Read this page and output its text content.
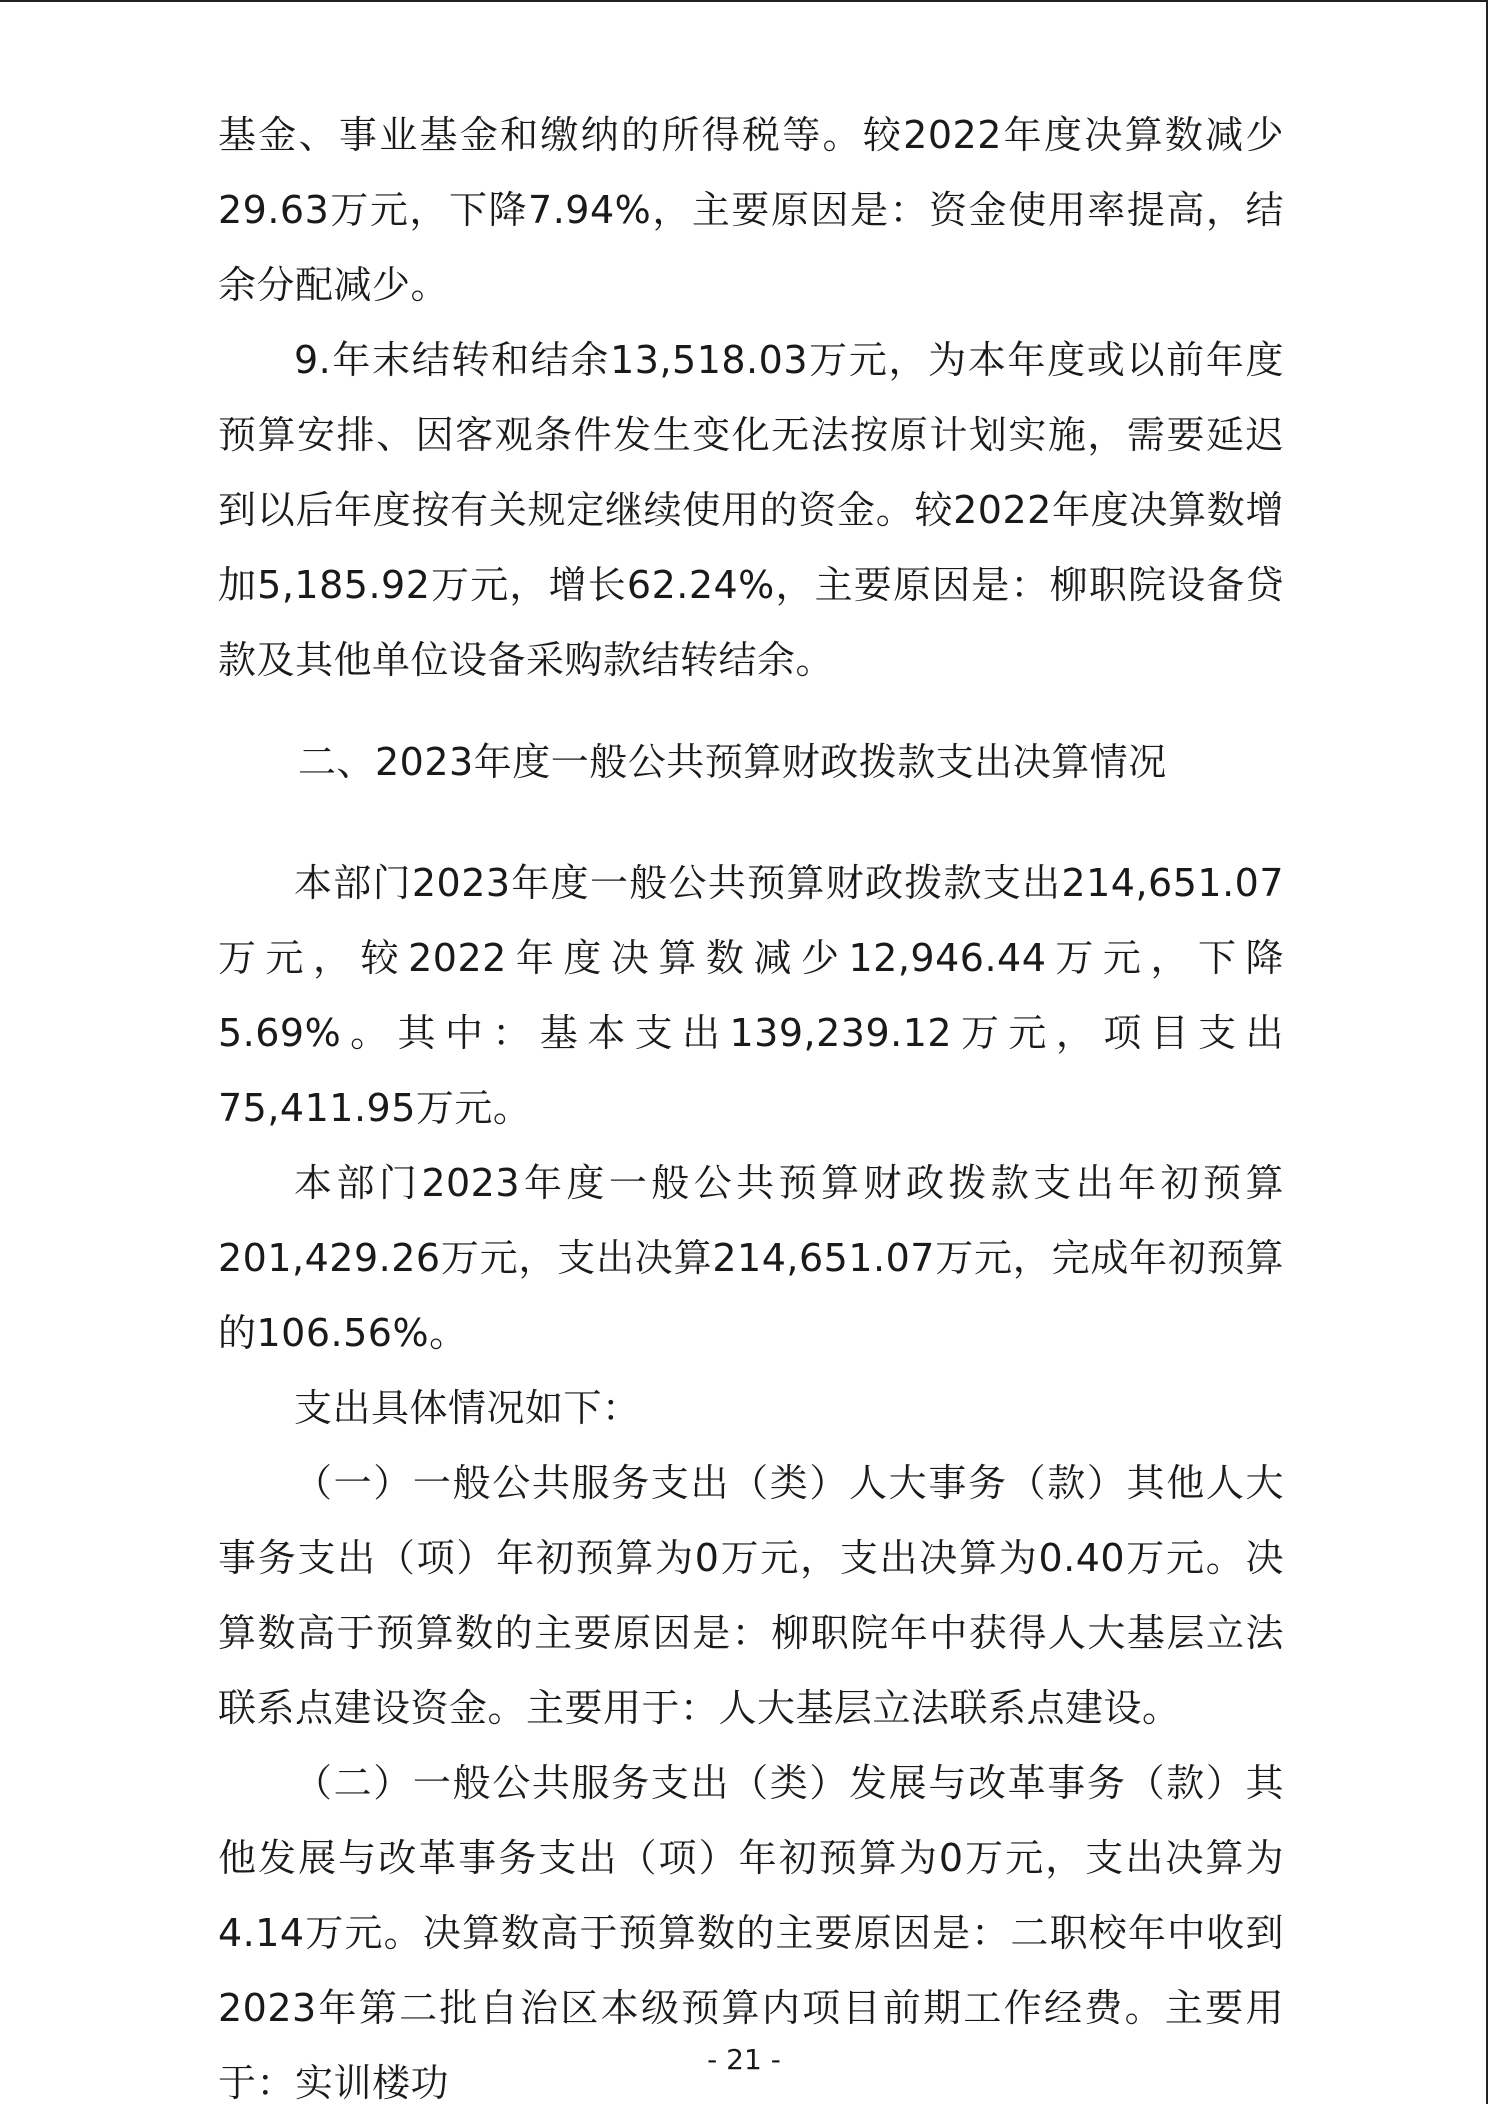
基金、事业基金和缴纳的所得税等。较2022年度决算数减少29.63万元，下降7.94%，主要原因是：资金使用率提高，结余分配减少。

9.年末结转和结余13,518.03万元，为本年度或以前年度预算安排、因客观条件发生变化无法按原计划实施，需要延迟到以后年度按有关规定继续使用的资金。较2022年度决算数增加5,185.92万元，增长62.24%，主要原因是：柳职院设备贷款及其他单位设备采购款结转结余。

二、2023年度一般公共预算财政拨款支出决算情况

本部门2023年度一般公共预算财政拨款支出214,651.07万元，较2022年度决算数减少12,946.44万元，下降5.69%。其中：基本支出139,239.12万元，项目支出75,411.95万元。

本部门2023年度一般公共预算财政拨款支出年初预算201,429.26万元，支出决算214,651.07万元，完成年初预算的106.56%。

支出具体情况如下：

（一）一般公共服务支出（类）人大事务（款）其他人大事务支出（项）年初预算为0万元，支出决算为0.40万元。决算数高于预算数的主要原因是：柳职院年中获得人大基层立法联系点建设资金。主要用于：人大基层立法联系点建设。

（二）一般公共服务支出（类）发展与改革事务（款）其他发展与改革事务支出（项）年初预算为0万元，支出决算为4.14万元。决算数高于预算数的主要原因是：二职校年中收到2023年第二批自治区本级预算内项目前期工作经费。主要用于：实训楼功

- 21 -
